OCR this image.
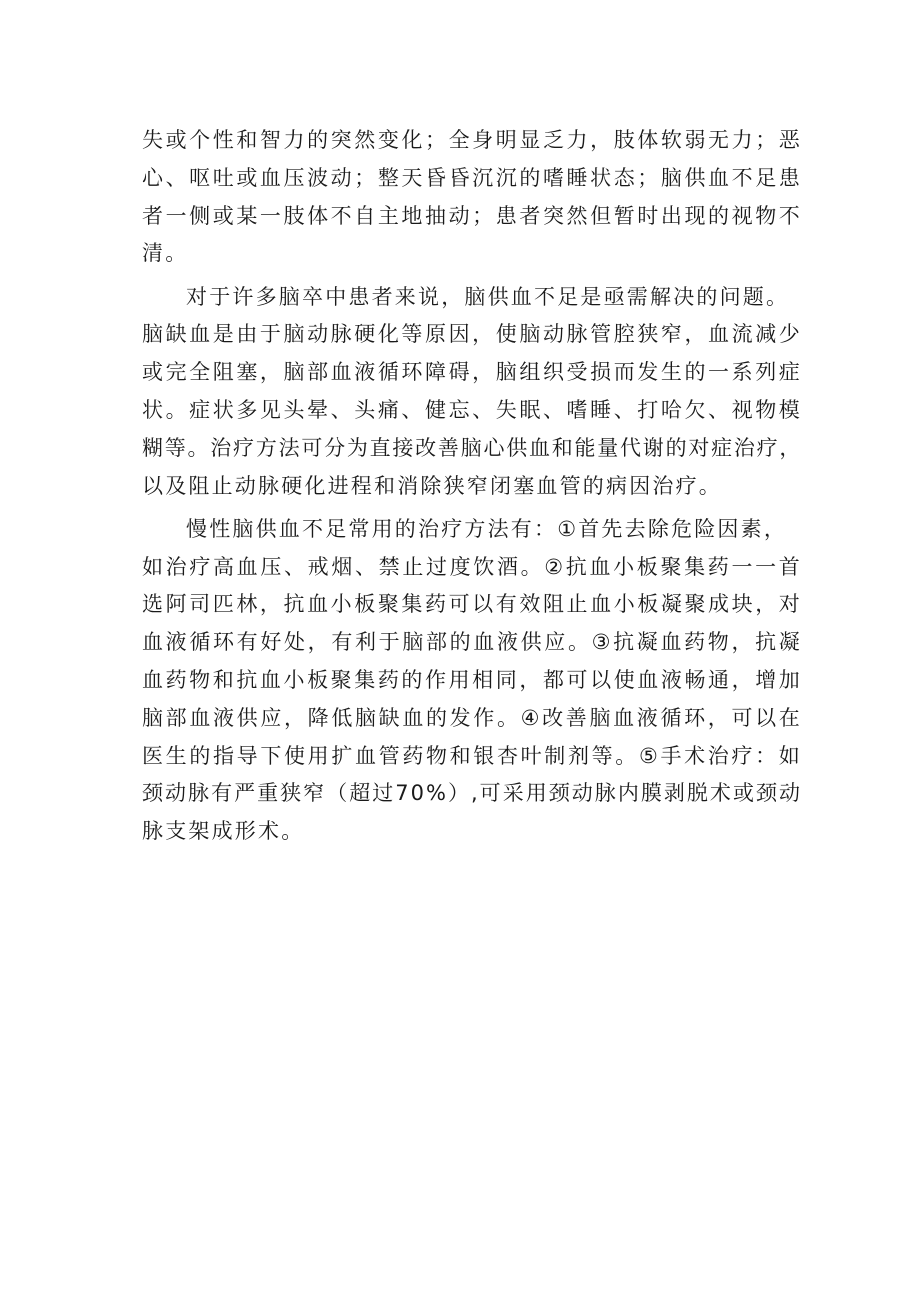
失或个性和智力的突然变化；全身明显乏力，肢体软弱无力；恶
心、呕吐或血压波动；整天昏昏沉沉的嗜睡状态；脑供血不足患
者一侧或某一肢体不自主地抽动；患者突然但暂时出现的视物不
清。
对于许多脑卒中患者来说，脑供血不足是亟需解决的问题。
脑缺血是由于脑动脉硬化等原因，使脑动脉管腔狭窄，血流减少
或完全阻塞，脑部血液循环障碍，脑组织受损而发生的一系列症
状。症状多见头晕、头痛、健忘、失眠、嗜睡、打哈欠、视物模
糊等。治疗方法可分为直接改善脑心供血和能量代谢的对症治疗，
以及阻止动脉硬化进程和消除狭窄闭塞血管的病因治疗。
慢性脑供血不足常用的治疗方法有：①首先去除危险因素，
如治疗高血压、戒烟、禁止过度饮酒。②抗血小板聚集药一一首
选阿司匹林，抗血小板聚集药可以有效阻止血小板凝聚成块，对
血液循环有好处，有利于脑部的血液供应。③抗凝血药物，抗凝
血药物和抗血小板聚集药的作用相同，都可以使血液畅通，增加
脑部血液供应，降低脑缺血的发作。④改善脑血液循环，可以在
医生的指导下使用扩血管药物和银杏叶制剂等。⑤手术治疗：如
颈动脉有严重狭窄（超过70%）,可采用颈动脉内膜剥脱术或颈动
脉支架成形术。
